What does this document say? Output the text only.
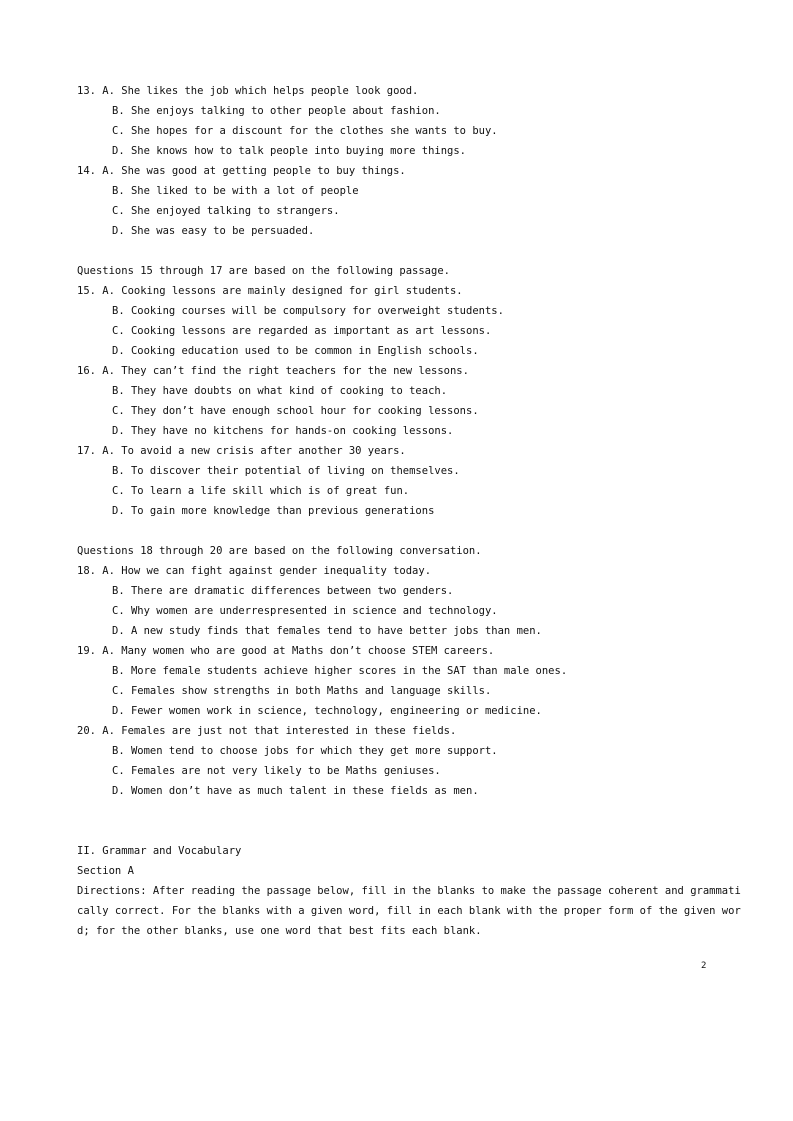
13. A. She likes the job which helps people look good.
B. She enjoys talking to other people about fashion.
C. She hopes for a discount for the clothes she wants to buy.
D. She knows how to talk people into buying more things.
14. A. She was good at getting people to buy things.
B. She liked to be with a lot of people
C. She enjoyed talking to strangers.
D. She was easy to be persuaded.
Questions 15 through 17 are based on the following passage.
15. A. Cooking lessons are mainly designed for girl students.
B. Cooking courses will be compulsory for overweight students.
C. Cooking lessons are regarded as important as art lessons.
D. Cooking education used to be common in English schools.
16. A. They can’t find the right teachers for the new lessons.
B. They have doubts on what kind of cooking to teach.
C. They don’t have enough school hour for cooking lessons.
D. They have no kitchens for hands-on cooking lessons.
17. A. To avoid a new crisis after another 30 years.
B. To discover their potential of living on themselves.
C. To learn a life skill which is of great fun.
D. To gain more knowledge than previous generations
Questions 18 through 20 are based on the following conversation.
18. A. How we can fight against gender inequality today.
B. There are dramatic differences between two genders.
C. Why women are underrespresented in science and technology.
D. A new study finds that females tend to have better jobs than men.
19. A. Many women who are good at Maths don’t choose STEM careers.
B. More female students achieve higher scores in the SAT than male ones.
C. Females show strengths in both Maths and language skills.
D. Fewer women work in science, technology, engineering or medicine.
20. A. Females are just not that interested in these fields.
B. Women tend to choose jobs for which they get more support.
C. Females are not very likely to be Maths geniuses.
D. Women don’t have as much talent in these fields as men.
II. Grammar and Vocabulary
Section A
Directions: After reading the passage below, fill in the blanks to make the passage coherent and grammati
cally correct. For the blanks with a given word, fill in each blank with the proper form of the given wor
d; for the other blanks, use one word that best fits each blank.
2
